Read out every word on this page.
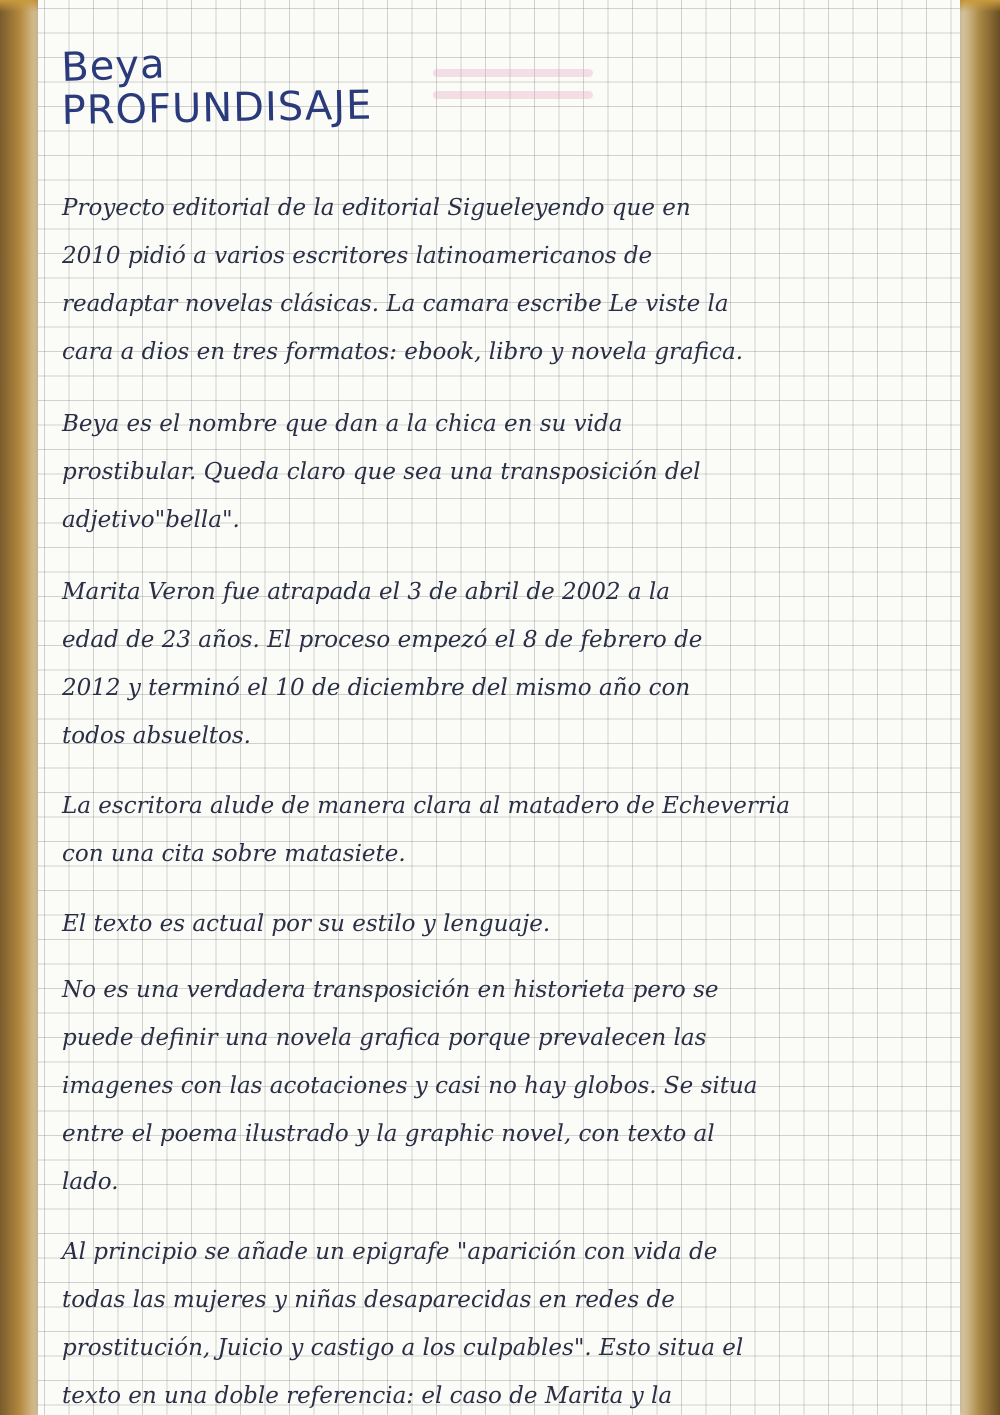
Beya
PROFUNDISAJE
Proyecto editorial de la editorial Sigueleyendo que en
2010 pidió a varios escritores latinoamericanos de
readaptar novelas clásicas. La camara escribe Le viste la
cara a dios en tres formatos: ebook, libro y novela grafica.
Beya es el nombre que dan a la chica en su vida
prostibular. Queda claro que sea una transposición del
adjetivo"bella".
Marita Veron fue atrapada el 3 de abril de 2002 a la
edad de 23 años. El proceso empezó el 8 de febrero de
2012 y terminó el 10 de diciembre del mismo año con
todos absueltos.
La escritora alude de manera clara al matadero de Echeverria
con una cita sobre matasiete.
El texto es actual por su estilo y lenguaje.
No es una verdadera transposición en historieta pero se
puede definir una novela grafica porque prevalecen las
imagenes con las acotaciones y casi no hay globos. Se situa
entre el poema ilustrado y la graphic novel, con texto al
lado.
Al principio se añade un epigrafe "aparición con vida de
todas las mujeres y niñas desaparecidas en redes de
prostitución, Juicio y castigo a los culpables". Esto situa el
texto en una doble referencia: el caso de Marita y la
